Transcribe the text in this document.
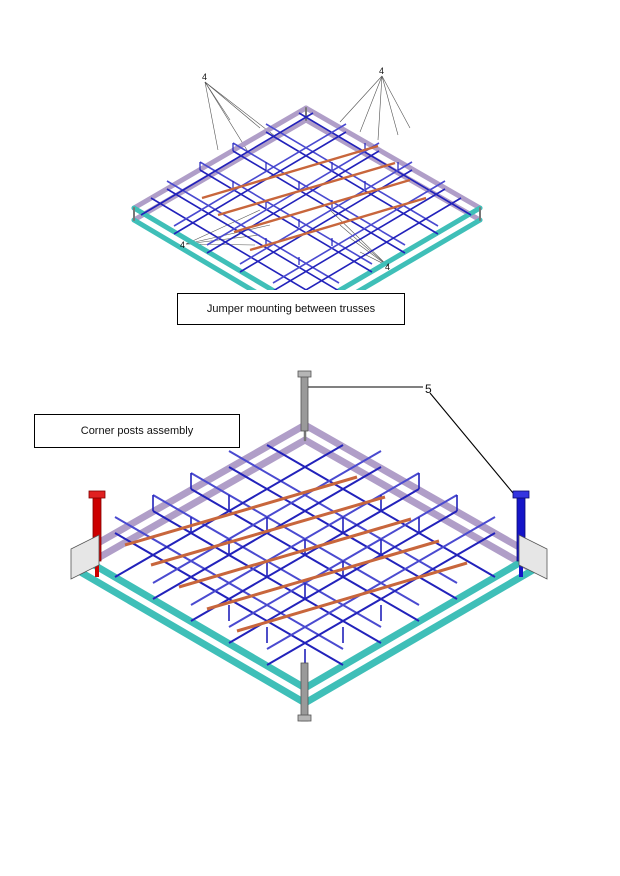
4
4
4
4
Jumper mounting between trusses
5
Corner posts assembly
